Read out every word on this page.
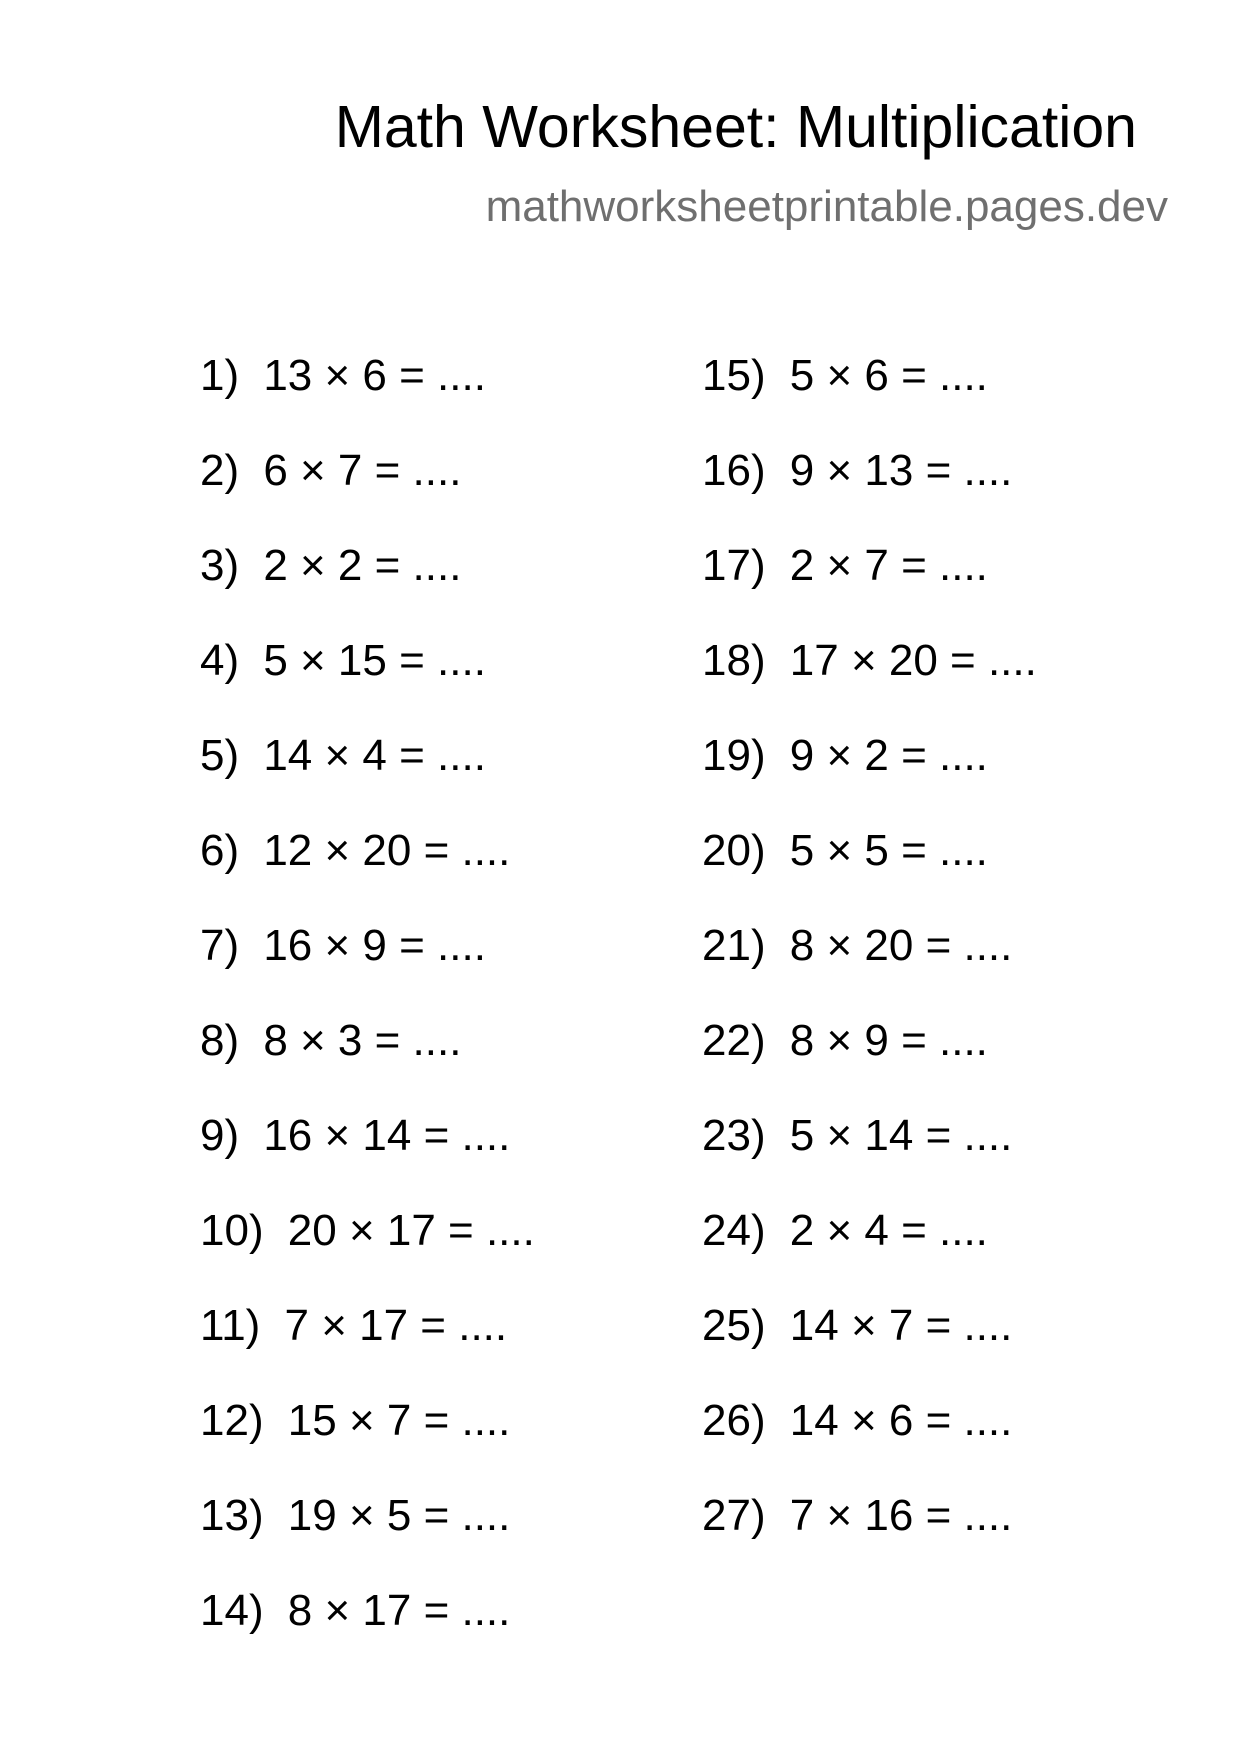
Math Worksheet: Multiplication
mathworksheetprintable.pages.dev
1) 13 × 6 = ....
2) 6 × 7 = ....
3) 2 × 2 = ....
4) 5 × 15 = ....
5) 14 × 4 = ....
6) 12 × 20 = ....
7) 16 × 9 = ....
8) 8 × 3 = ....
9) 16 × 14 = ....
10) 20 × 17 = ....
11) 7 × 17 = ....
12) 15 × 7 = ....
13) 19 × 5 = ....
14) 8 × 17 = ....
15) 5 × 6 = ....
16) 9 × 13 = ....
17) 2 × 7 = ....
18) 17 × 20 = ....
19) 9 × 2 = ....
20) 5 × 5 = ....
21) 8 × 20 = ....
22) 8 × 9 = ....
23) 5 × 14 = ....
24) 2 × 4 = ....
25) 14 × 7 = ....
26) 14 × 6 = ....
27) 7 × 16 = ....
